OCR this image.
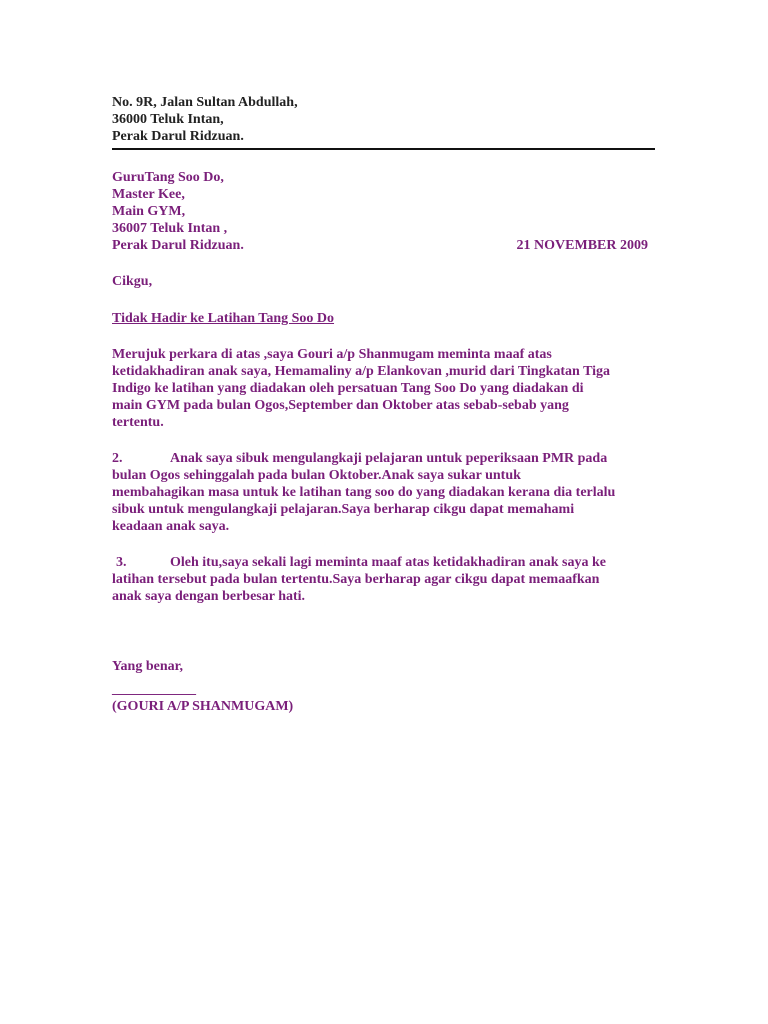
No. 9R, Jalan Sultan Abdullah,
36000 Teluk Intan,
Perak Darul Ridzuan.
GuruTang Soo Do,
Master Kee,
Main GYM,
36007 Teluk Intan ,
Perak Darul Ridzuan.	21 NOVEMBER 2009
Cikgu,
Tidak Hadir ke Latihan Tang Soo Do
Merujuk perkara di atas ,saya Gouri a/p Shanmugam meminta maaf atas
ketidakhadiran anak saya, Hemamaliny a/p Elankovan ,murid dari Tingkatan Tiga
Indigo ke latihan yang diadakan oleh persatuan Tang Soo Do yang diadakan di
main GYM pada bulan Ogos,September dan Oktober atas sebab-sebab yang
tertentu.
2.	Anak saya sibuk mengulangkaji pelajaran untuk peperiksaan PMR pada
bulan Ogos sehinggalah pada bulan Oktober.Anak saya sukar untuk
membahagikan masa untuk ke latihan tang soo do yang diadakan kerana dia terlalu
sibuk untuk mengulangkaji pelajaran.Saya berharap cikgu dapat memahami
keadaan anak saya.
3.	Oleh itu,saya sekali lagi meminta maaf atas ketidakhadiran anak saya ke
latihan tersebut pada bulan tertentu.Saya berharap agar cikgu dapat memaafkan
anak saya dengan berbesar hati.
Yang benar,
____________
(GOURI A/P SHANMUGAM)
